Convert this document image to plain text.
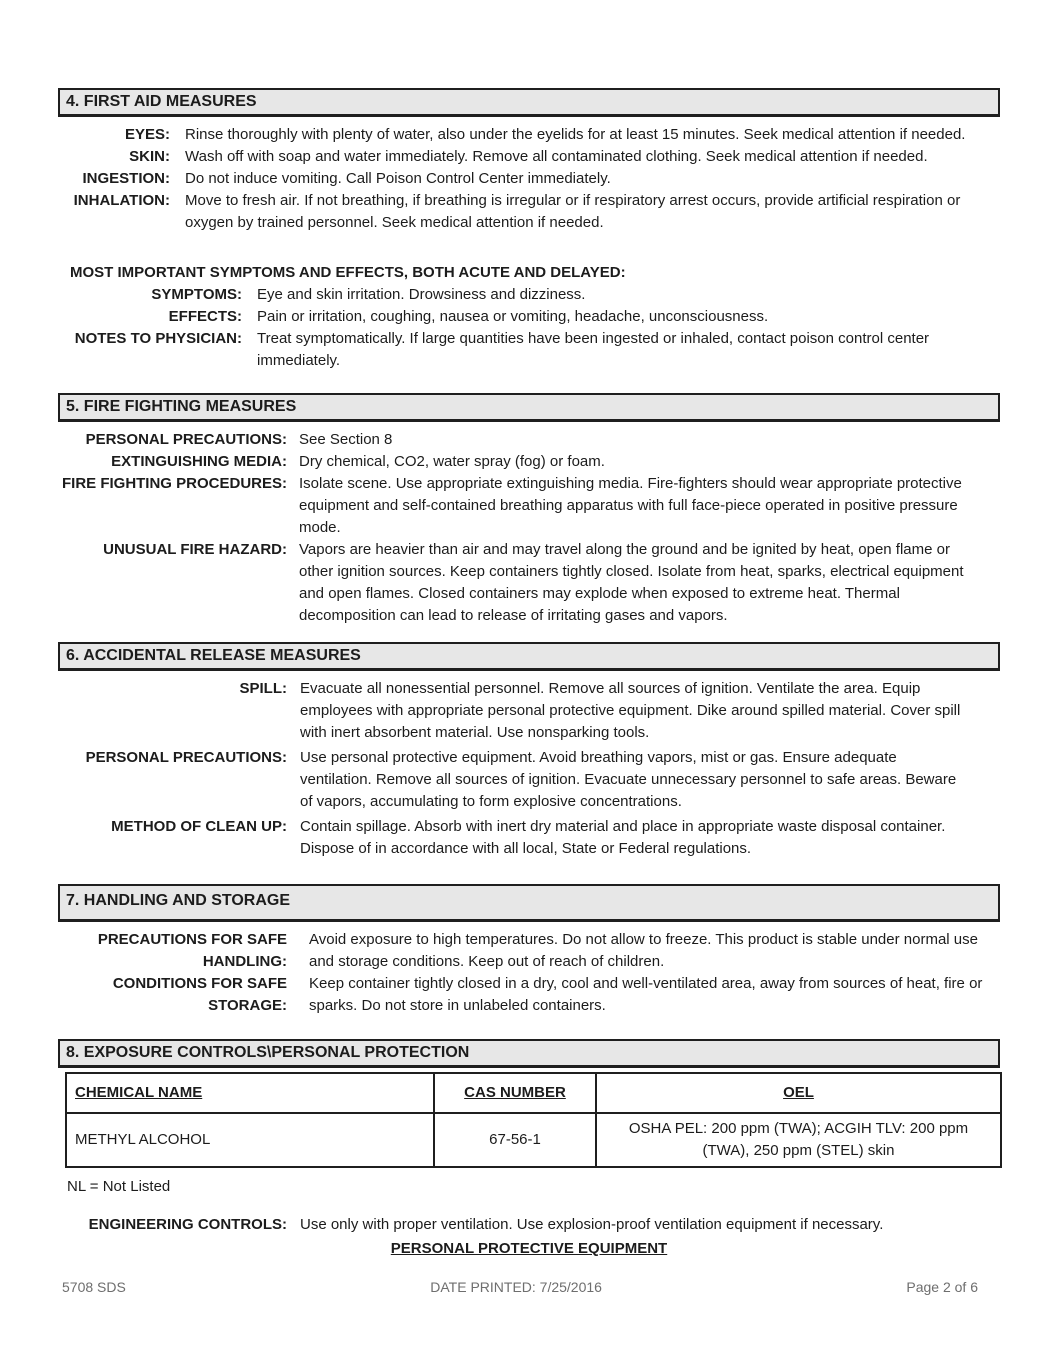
4. FIRST AID MEASURES
EYES: Rinse thoroughly with plenty of water, also under the eyelids for at least 15 minutes. Seek medical attention if needed.
SKIN: Wash off with soap and water immediately. Remove all contaminated clothing. Seek medical attention if needed.
INGESTION: Do not induce vomiting. Call Poison Control Center immediately.
INHALATION: Move to fresh air. If not breathing, if breathing is irregular or if respiratory arrest occurs, provide artificial respiration or oxygen by trained personnel. Seek medical attention if needed.
MOST IMPORTANT SYMPTOMS AND EFFECTS, BOTH ACUTE AND DELAYED:
SYMPTOMS: Eye and skin irritation. Drowsiness and dizziness.
EFFECTS: Pain or irritation, coughing, nausea or vomiting, headache, unconsciousness.
NOTES TO PHYSICIAN: Treat symptomatically. If large quantities have been ingested or inhaled, contact poison control center immediately.
5. FIRE FIGHTING MEASURES
PERSONAL PRECAUTIONS: See Section 8
EXTINGUISHING MEDIA: Dry chemical, CO2, water spray (fog) or foam.
FIRE FIGHTING PROCEDURES: Isolate scene. Use appropriate extinguishing media. Fire-fighters should wear appropriate protective equipment and self-contained breathing apparatus with full face-piece operated in positive pressure mode.
UNUSUAL FIRE HAZARD: Vapors are heavier than air and may travel along the ground and be ignited by heat, open flame or other ignition sources. Keep containers tightly closed. Isolate from heat, sparks, electrical equipment and open flames. Closed containers may explode when exposed to extreme heat. Thermal decomposition can lead to release of irritating gases and vapors.
6. ACCIDENTAL RELEASE MEASURES
SPILL: Evacuate all nonessential personnel. Remove all sources of ignition. Ventilate the area. Equip employees with appropriate personal protective equipment. Dike around spilled material. Cover spill with inert absorbent material. Use nonsparking tools.
PERSONAL PRECAUTIONS: Use personal protective equipment. Avoid breathing vapors, mist or gas. Ensure adequate ventilation. Remove all sources of ignition. Evacuate unnecessary personnel to safe areas. Beware of vapors, accumulating to form explosive concentrations.
METHOD OF CLEAN UP: Contain spillage. Absorb with inert dry material and place in appropriate waste disposal container. Dispose of in accordance with all local, State or Federal regulations.
7. HANDLING AND STORAGE
PRECAUTIONS FOR SAFE HANDLING:
Avoid exposure to high temperatures. Do not allow to freeze. This product is stable under normal use and storage conditions. Keep out of reach of children.
CONDITIONS FOR SAFE STORAGE:
Keep container tightly closed in a dry, cool and well-ventilated area, away from sources of heat, fire or sparks. Do not store in unlabeled containers.
8. EXPOSURE CONTROLS\PERSONAL PROTECTION
CHEMICAL NAME	CAS NUMBER	OEL
METHYL ALCOHOL	67-56-1	OSHA PEL: 200 ppm (TWA); ACGIH TLV: 200 ppm (TWA), 250 ppm (STEL) skin
NL = Not Listed
ENGINEERING CONTROLS: Use only with proper ventilation. Use explosion-proof ventilation equipment if necessary.
PERSONAL PROTECTIVE EQUIPMENT
5708 SDS	DATE PRINTED: 7/25/2016	Page 2 of 6
